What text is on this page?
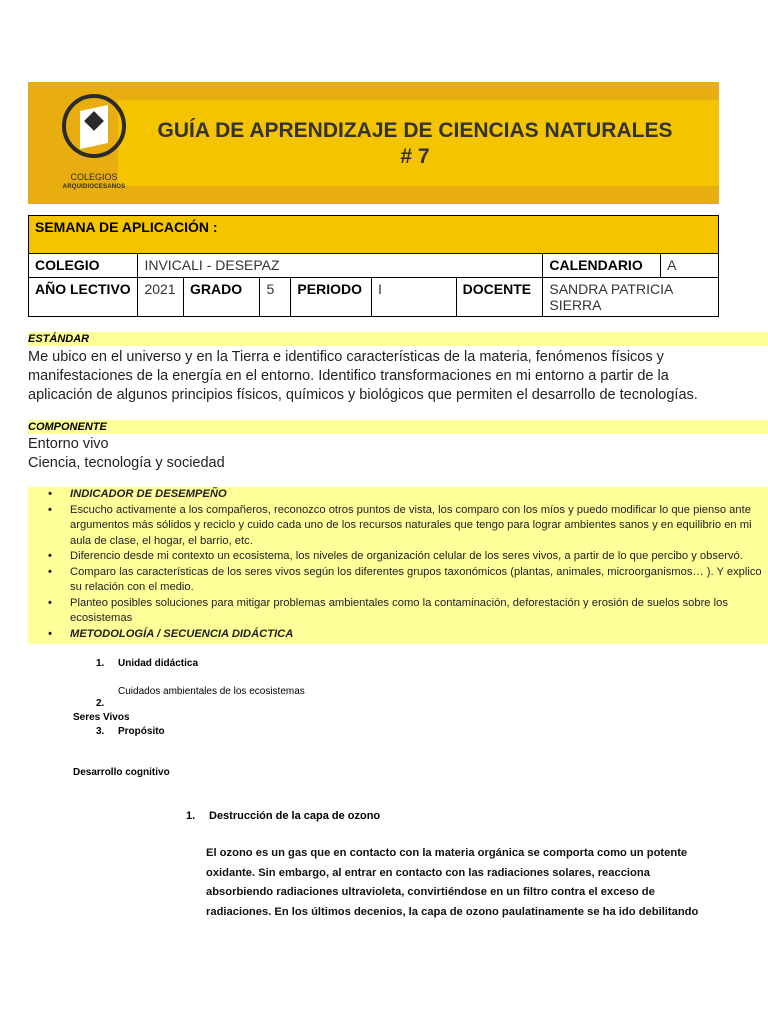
COLEGIOS
ARQUIDIOCESANOS
GUÍA DE APRENDIZAJE DE CIENCIAS NATURALES
# 7
SEMANA DE APLICACIÓN :								
COLEGIO	INVICALI - DESEPAZ						CALENDARIO	A
AÑO LECTIVO	2021	GRADO	5	PERIODO	I	DOCENTE	SANDRA PATRICIA SIERRA	
ESTÁNDAR
Me ubico en el universo y en la Tierra e identifico características de la materia, fenómenos físicos y
manifestaciones de la energía en el entorno. Identifico transformaciones en mi entorno a partir de la
aplicación de algunos principios físicos, químicos y biológicos que permiten el desarrollo de tecnologías.
COMPONENTE
Entorno vivo
Ciencia, tecnología y sociedad
• INDICADOR DE DESEMPEÑO
• Escucho activamente a los compañeros, reconozco otros puntos de vista, los comparo con los míos y puedo modificar lo que pienso ante argumentos más sólidos y reciclo y cuido cada uno de los recursos naturales que tengo para lograr ambientes sanos y en equilibrio en mi aula de clase, el hogar, el barrio, etc.
• Diferencio desde mi contexto un ecosistema, los niveles de organización celular de los seres vivos, a partir de lo que percibo y observó.
• Comparo las características de los seres vivos según los diferentes grupos taxonómicos (plantas, animales, microorganismos… ). Y explico su relación con el medio.
• Planteo posibles soluciones para mitigar problemas ambientales como la contaminación, deforestación y erosión de suelos sobre los ecosistemas
• METODOLOGÍA / SECUENCIA DIDÁCTICA
1. Unidad didáctica
Cuidados ambientales de los ecosistemas
2.
Seres Vivos
3. Propósito
Desarrollo cognitivo
1. Destrucción de la capa de ozono
El ozono es un gas que en contacto con la materia orgánica se comporta como un potente
oxidante. Sin embargo, al entrar en contacto con las radiaciones solares, reacciona
absorbiendo radiaciones ultravioleta, convirtiéndose en un filtro contra el exceso de
radiaciones. En los últimos decenios, la capa de ozono paulatinamente se ha ido debilitando
